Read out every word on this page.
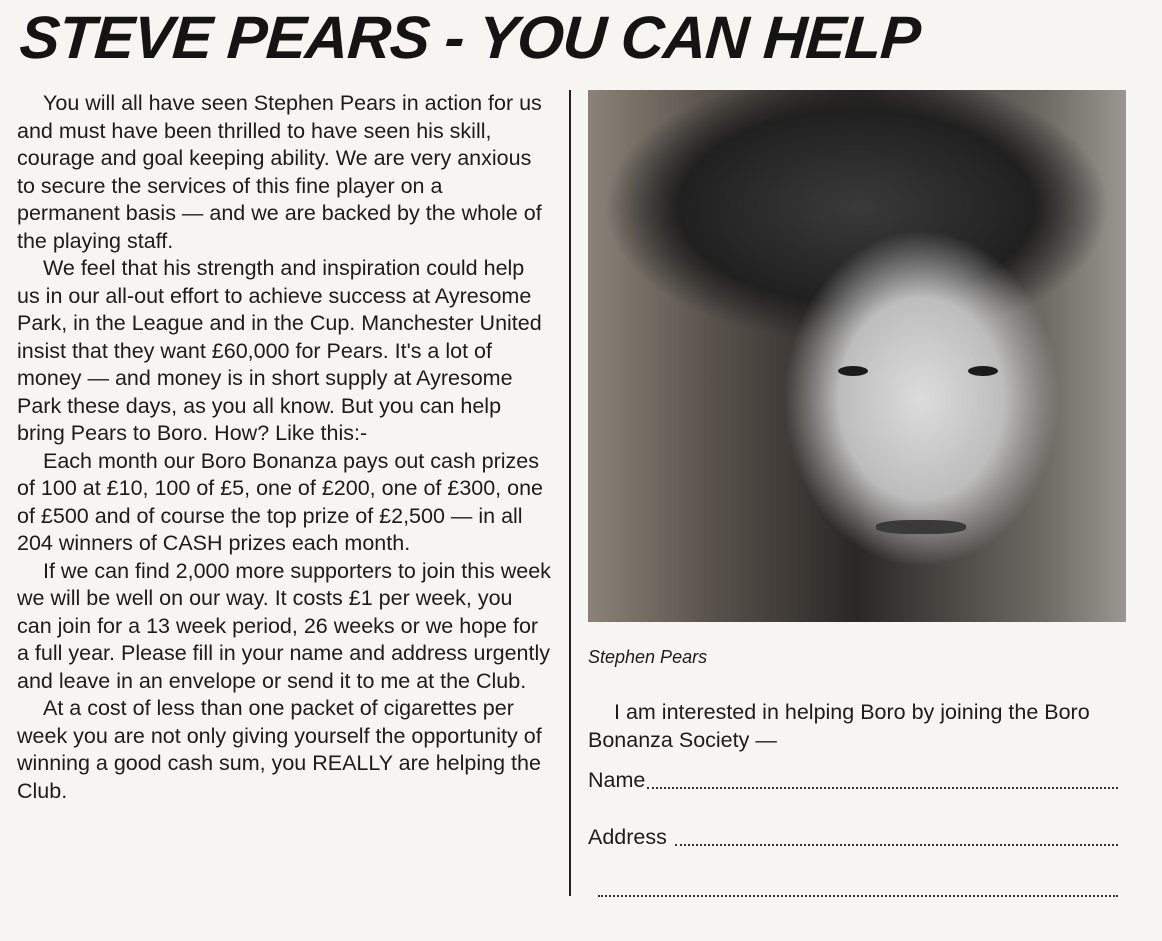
STEVE PEARS - YOU CAN HELP

You will all have seen Stephen Pears in action for us and must have been thrilled to have seen his skill, courage and goal keeping ability. We are very anxious to secure the services of this fine player on a permanent basis — and we are backed by the whole of the playing staff.

We feel that his strength and inspiration could help us in our all-out effort to achieve success at Ayresome Park, in the League and in the Cup. Manchester United insist that they want £60,000 for Pears. It's a lot of money — and money is in short supply at Ayresome Park these days, as you all know. But you can help bring Pears to Boro. How? Like this:-

Each month our Boro Bonanza pays out cash prizes of 100 at £10, 100 of £5, one of £200, one of £300, one of £500 and of course the top prize of £2,500 — in all 204 winners of CASH prizes each month.

If we can find 2,000 more supporters to join this week we will be well on our way. It costs £1 per week, you can join for a 13 week period, 26 weeks or we hope for a full year. Please fill in your name and address urgently and leave in an envelope or send it to me at the Club.

At a cost of less than one packet of cigarettes per week you are not only giving yourself the opportunity of winning a good cash sum, you REALLY are helping the Club.

Stephen Pears

I am interested in helping Boro by joining the Boro Bonanza Society —

Name
Address
